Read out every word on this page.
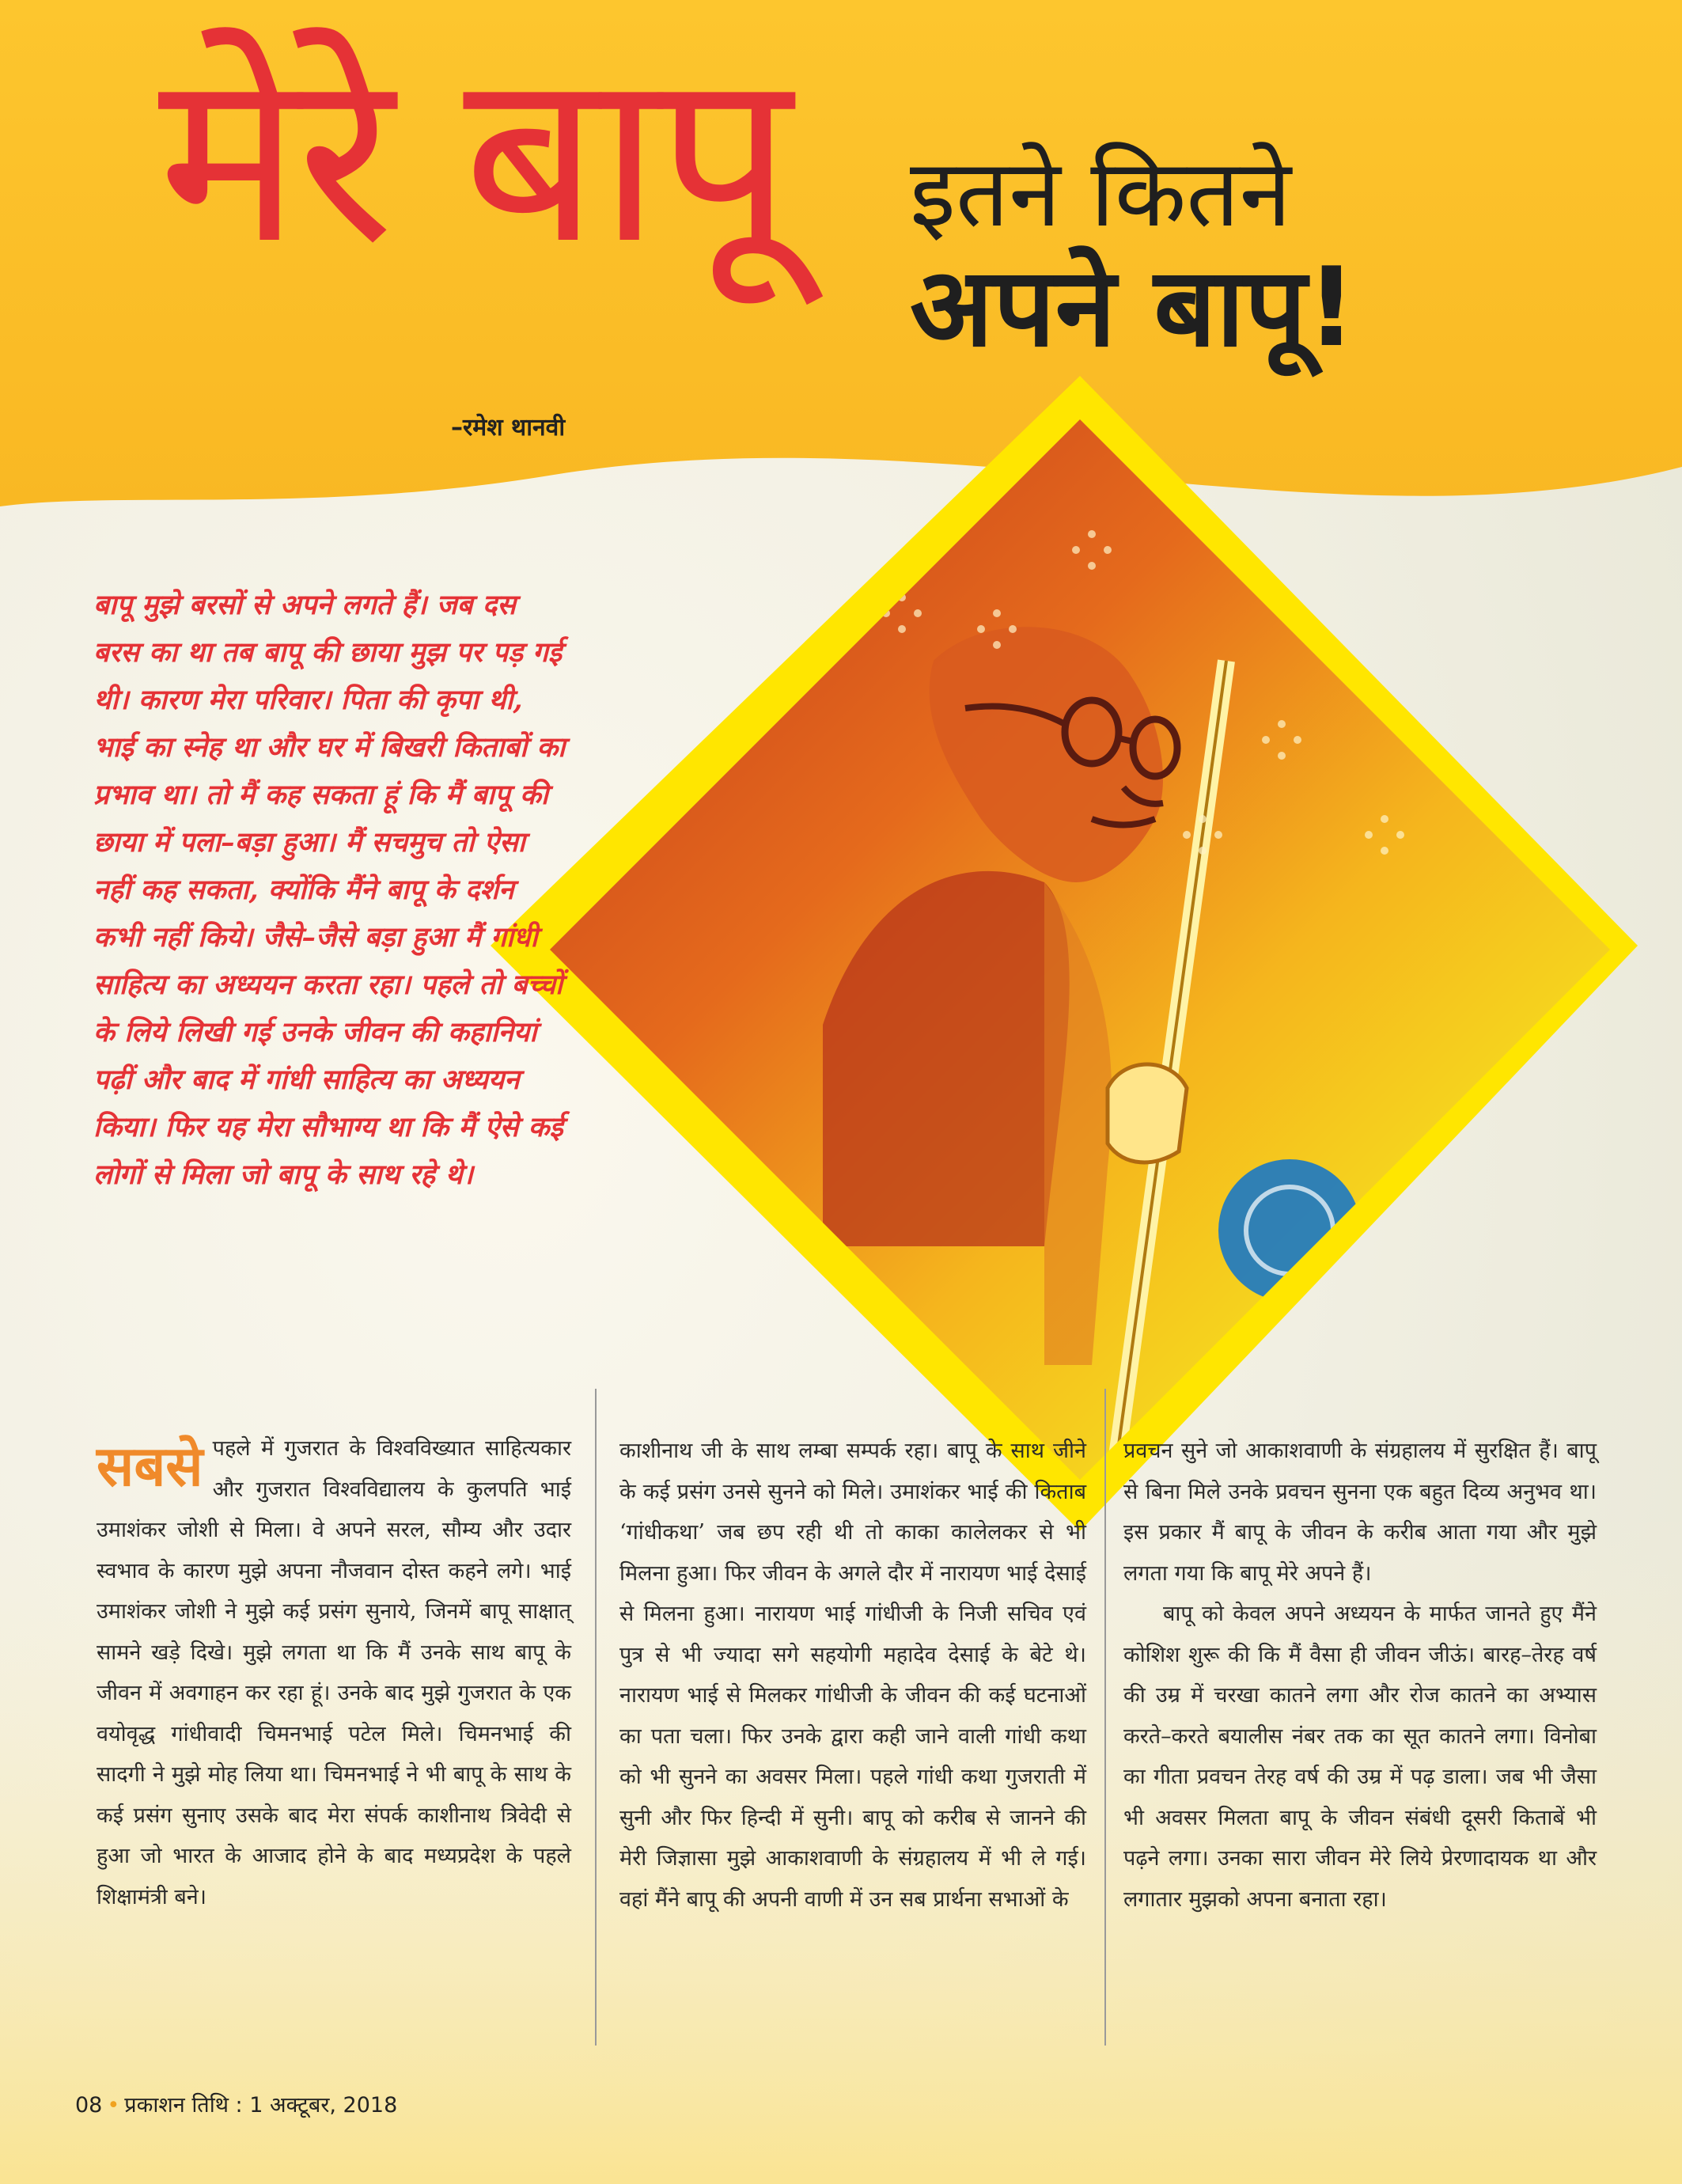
मेरे बापू इतने कितने
अपने बापू!
–रमेश थानवी
बापू मुझे बरसों से अपने लगते हैं। जब दस बरस का था तब बापू की छाया मुझ पर पड़ गई थी। कारण मेरा परिवार। पिता की कृपा थी, भाई का स्नेह था और घर में बिखरी किताबों का प्रभाव था। तो मैं कह सकता हूं कि मैं बापू की छाया में पला–बड़ा हुआ। मैं सचमुच तो ऐसा नहीं कह सकता, क्योंकि मैंने बापू के दर्शन कभी नहीं किये। जैसे–जैसे बड़ा हुआ मैं गांधी साहित्य का अध्ययन करता रहा। पहले तो बच्चों के लिये लिखी गई उनके जीवन की कहानियां पढ़ीं और बाद में गांधी साहित्य का अध्ययन किया। फिर यह मेरा सौभाग्य था कि मैं ऐसे कई लोगों से मिला जो बापू के साथ रहे थे।
सबसे पहले में गुजरात के विश्वविख्यात साहित्यकार और गुजरात विश्वविद्यालय के कुलपति भाई उमाशंकर जोशी से मिला। वे अपने सरल, सौम्य और उदार स्वभाव के कारण मुझे अपना नौजवान दोस्त कहने लगे। भाई उमाशंकर जोशी ने मुझे कई प्रसंग सुनाये, जिनमें बापू साक्षात् सामने खड़े दिखे। मुझे लगता था कि मैं उनके साथ बापू के जीवन में अवगाहन कर रहा हूं। उनके बाद मुझे गुजरात के एक वयोवृद्ध गांधीवादी चिमनभाई पटेल मिले। चिमनभाई की सादगी ने मुझे मोह लिया था। चिमनभाई ने भी बापू के साथ के कई प्रसंग सुनाए उसके बाद मेरा संपर्क काशीनाथ त्रिवेदी से हुआ जो भारत के आजाद होने के बाद मध्यप्रदेश के पहले शिक्षामंत्री बने।

काशीनाथ जी के साथ लम्बा सम्पर्क रहा। बापू के साथ जीने के कई प्रसंग उनसे सुनने को मिले। उमाशंकर भाई की किताब ‘गांधीकथा’ जब छप रही थी तो काका कालेलकर से भी मिलना हुआ। फिर जीवन के अगले दौर में नारायण भाई देसाई से मिलना हुआ। नारायण भाई गांधीजी के निजी सचिव एवं पुत्र से भी ज्यादा सगे सहयोगी महादेव देसाई के बेटे थे। नारायण भाई से मिलकर गांधीजी के जीवन की कई घटनाओं का पता चला। फिर उनके द्वारा कही जाने वाली गांधी कथा को भी सुनने का अवसर मिला। पहले गांधी कथा गुजराती में सुनी और फिर हिन्दी में सुनी। बापू को करीब से जानने की मेरी जिज्ञासा मुझे आकाशवाणी के संग्रहालय में भी ले गई। वहां मैंने बापू की अपनी वाणी में उन सब प्रार्थना सभाओं के

प्रवचन सुने जो आकाशवाणी के संग्रहालय में सुरक्षित हैं। बापू से बिना मिले उनके प्रवचन सुनना एक बहुत दिव्य अनुभव था। इस प्रकार मैं बापू के जीवन के करीब आता गया और मुझे लगता गया कि बापू मेरे अपने हैं।

बापू को केवल अपने अध्ययन के मार्फत जानते हुए मैंने कोशिश शुरू की कि मैं वैसा ही जीवन जीऊं। बारह–तेरह वर्ष की उम्र में चरखा कातने लगा और रोज कातने का अभ्यास करते–करते बयालीस नंबर तक का सूत कातने लगा। विनोबा का गीता प्रवचन तेरह वर्ष की उम्र में पढ़ डाला। जब भी जैसा भी अवसर मिलता बापू के जीवन संबंधी दूसरी किताबें भी पढ़ने लगा। उनका सारा जीवन मेरे लिये प्रेरणादायक था और लगातार मुझको अपना बनाता रहा।

08 • प्रकाशन तिथि : 1 अक्टूबर, 2018
